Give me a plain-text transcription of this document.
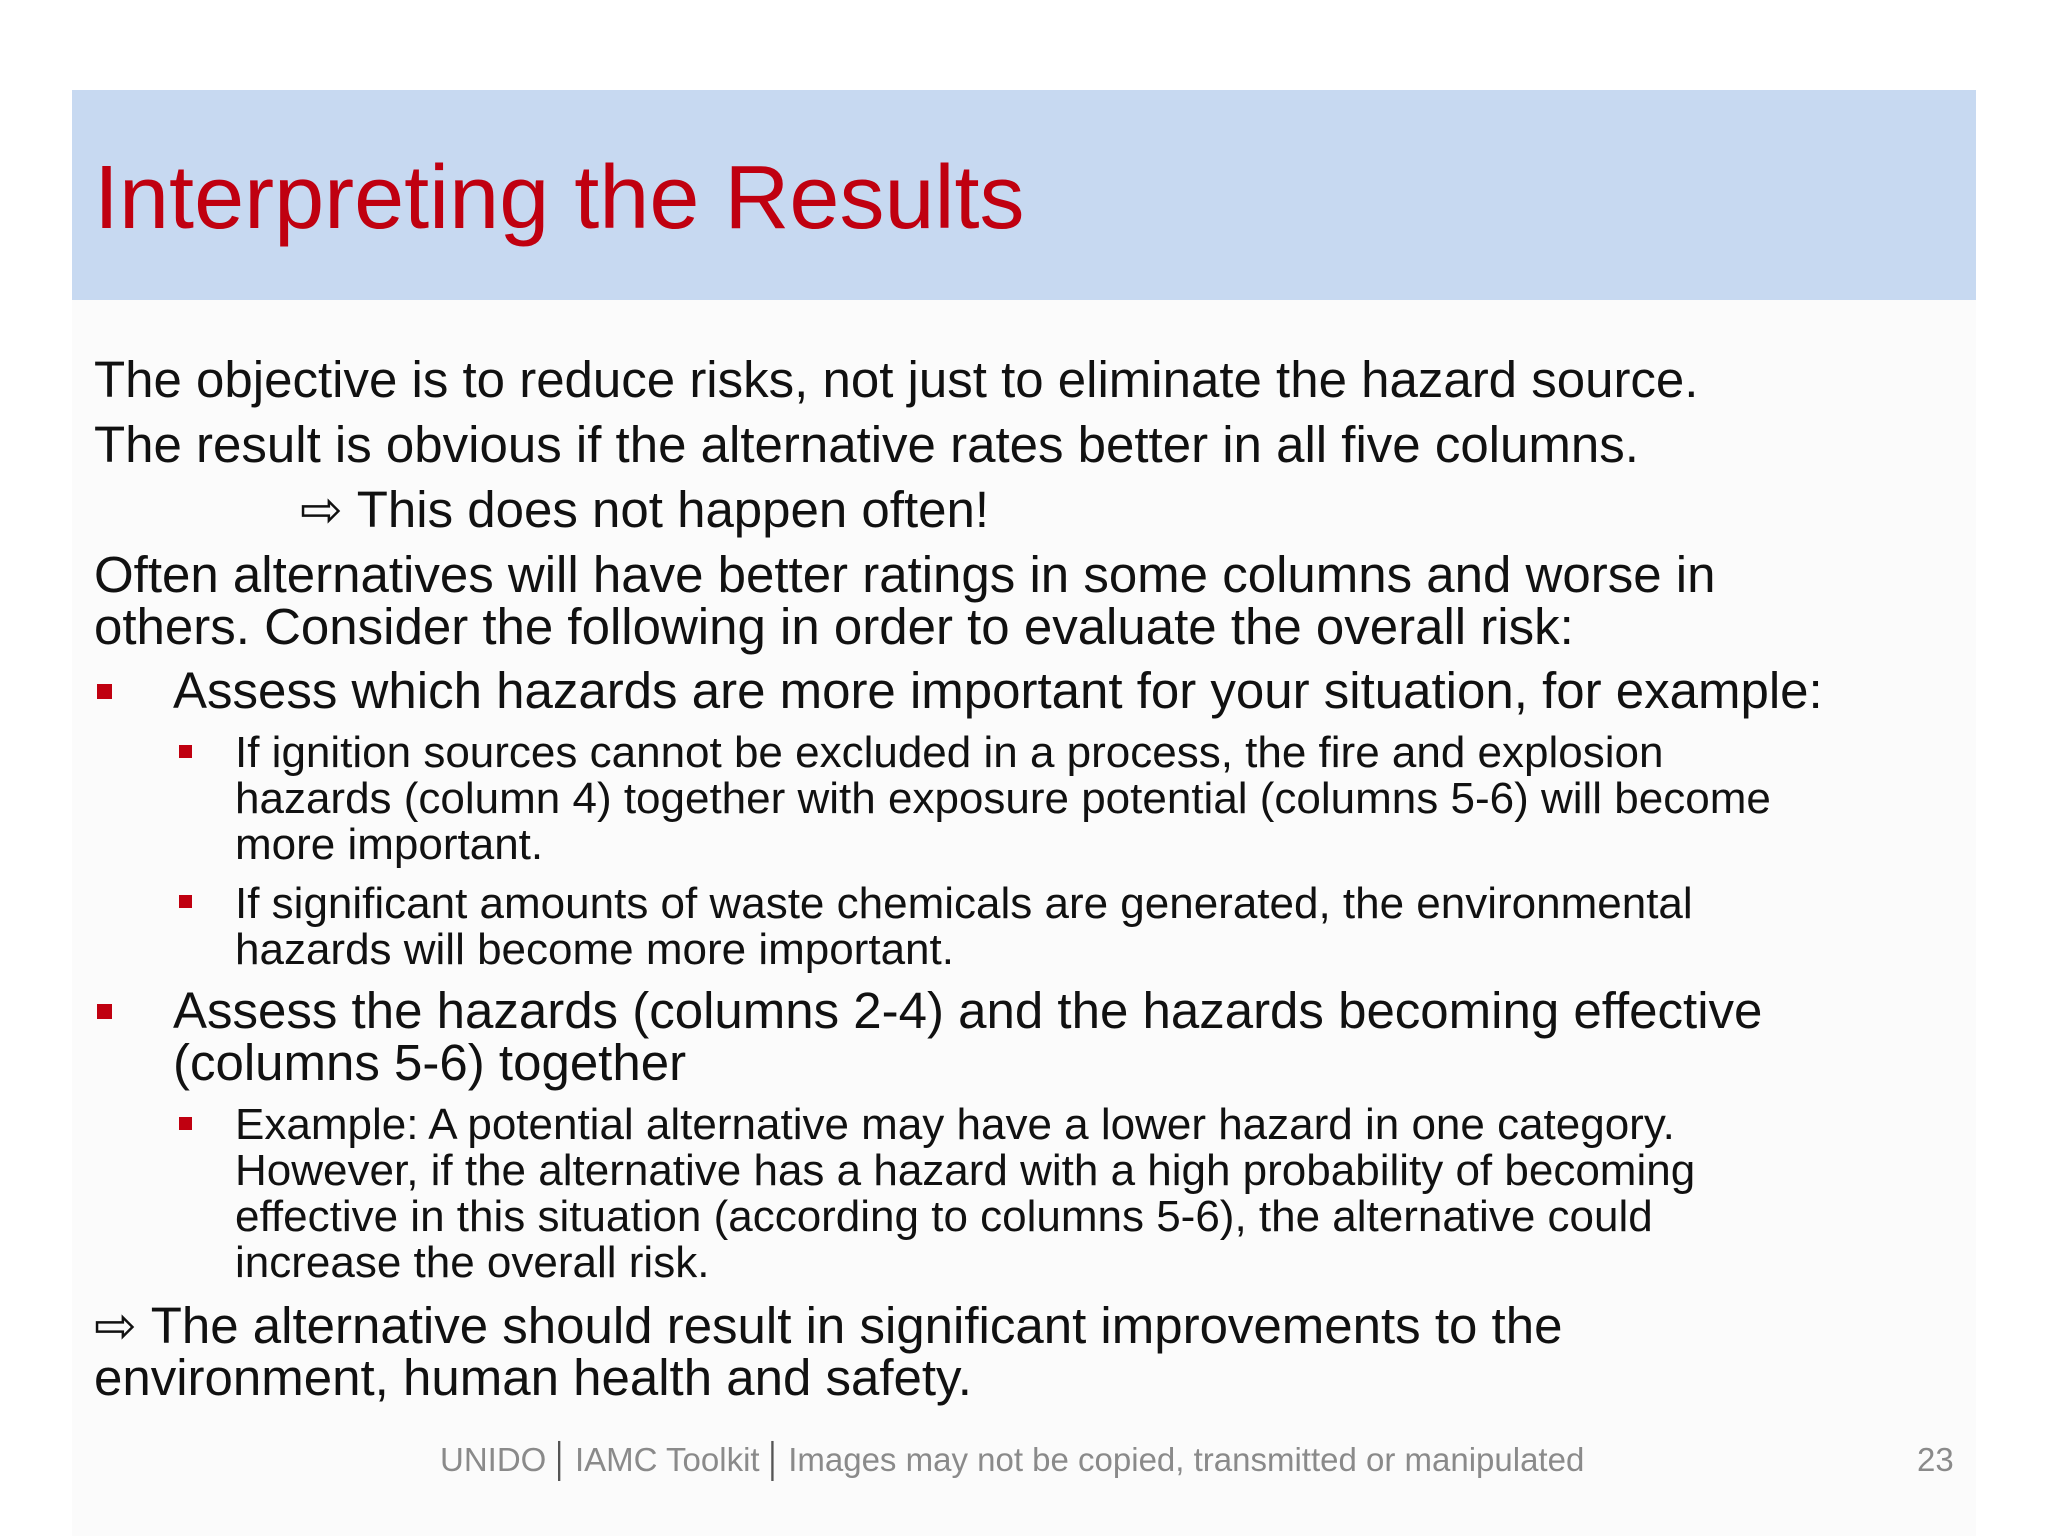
Interpreting the Results
The objective is to reduce risks, not just to eliminate the hazard source.
The result is obvious if the alternative rates better in all five columns.
⇨ This does not happen often!
Often alternatives will have better ratings in some columns and worse in
others. Consider the following in order to evaluate the overall risk:
Assess which hazards are more important for your situation, for example:
If ignition sources cannot be excluded in a process, the fire and explosion
hazards (column 4) together with exposure potential (columns 5-6) will become
more important.
If significant amounts of waste chemicals are generated, the environmental
hazards will become more important.
Assess the hazards (columns 2-4) and the hazards becoming effective
(columns 5-6) together
Example: A potential alternative may have a lower hazard in one category.
However, if the alternative has a hazard with a high probability of becoming
effective in this situation (according to columns 5-6), the alternative could
increase the overall risk.
⇨ The alternative should result in significant improvements to the
environment, human health and safety.
UNIDO │ IAMC Toolkit │ Images may not be copied, transmitted or manipulated	23
